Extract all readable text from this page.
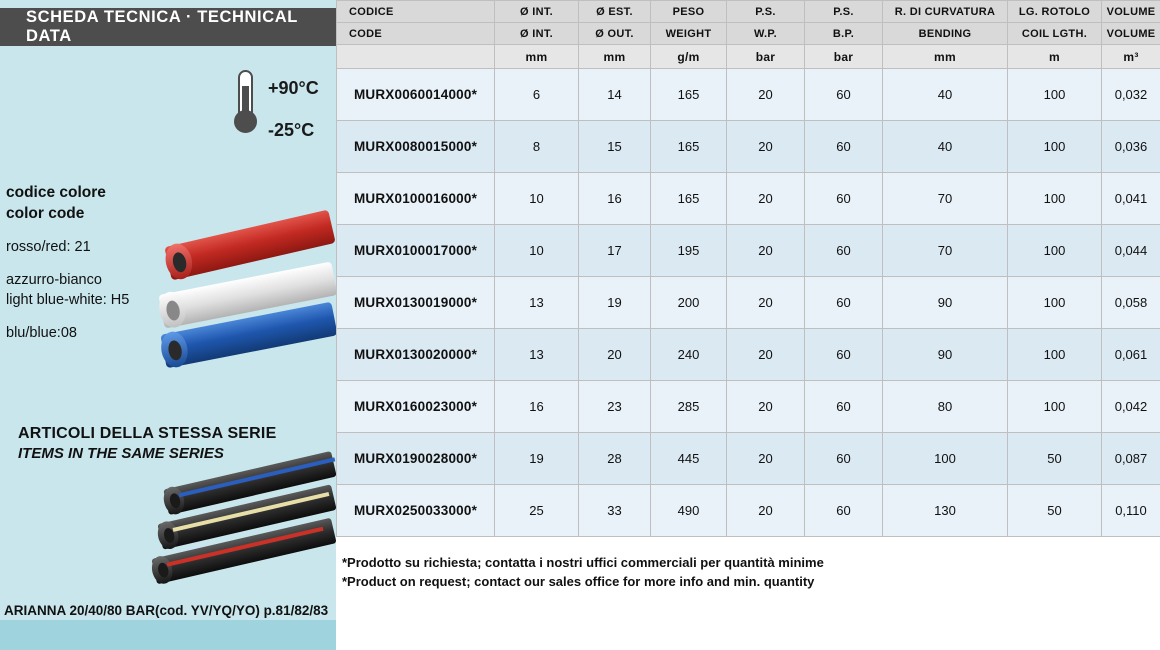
SCHEDA TECNICA · TECHNICAL DATA
+90°C
-25°C
codice colore
color code
rosso/red: 21
azzurro-bianco
light blue-white: H5
blu/blue:08
ARTICOLI DELLA STESSA SERIE
ITEMS IN THE SAME SERIES
ARIANNA 20/40/80 BAR(cod. YV/YQ/YO) p.81/82/83
CODICE	Ø INT.	Ø EST.	PESO	P.S.	P.S.	R. DI CURVATURA	LG. ROTOLO	VOLUME
CODE	Ø INT.	Ø OUT.	WEIGHT	W.P.	B.P.	BENDING	COIL LGTH.	VOLUME
	mm	mm	g/m	bar	bar	mm	m	m³
MURX0060014000*	6	14	165	20	60	40	100	0,032
MURX0080015000*	8	15	165	20	60	40	100	0,036
MURX0100016000*	10	16	165	20	60	70	100	0,041
MURX0100017000*	10	17	195	20	60	70	100	0,044
MURX0130019000*	13	19	200	20	60	90	100	0,058
MURX0130020000*	13	20	240	20	60	90	100	0,061
MURX0160023000*	16	23	285	20	60	80	100	0,042
MURX0190028000*	19	28	445	20	60	100	50	0,087
MURX0250033000*	25	33	490	20	60	130	50	0,110
*Prodotto su richiesta; contatta i nostri uffici commerciali per quantità minime
*Product on request; contact our sales office for more info and min. quantity
